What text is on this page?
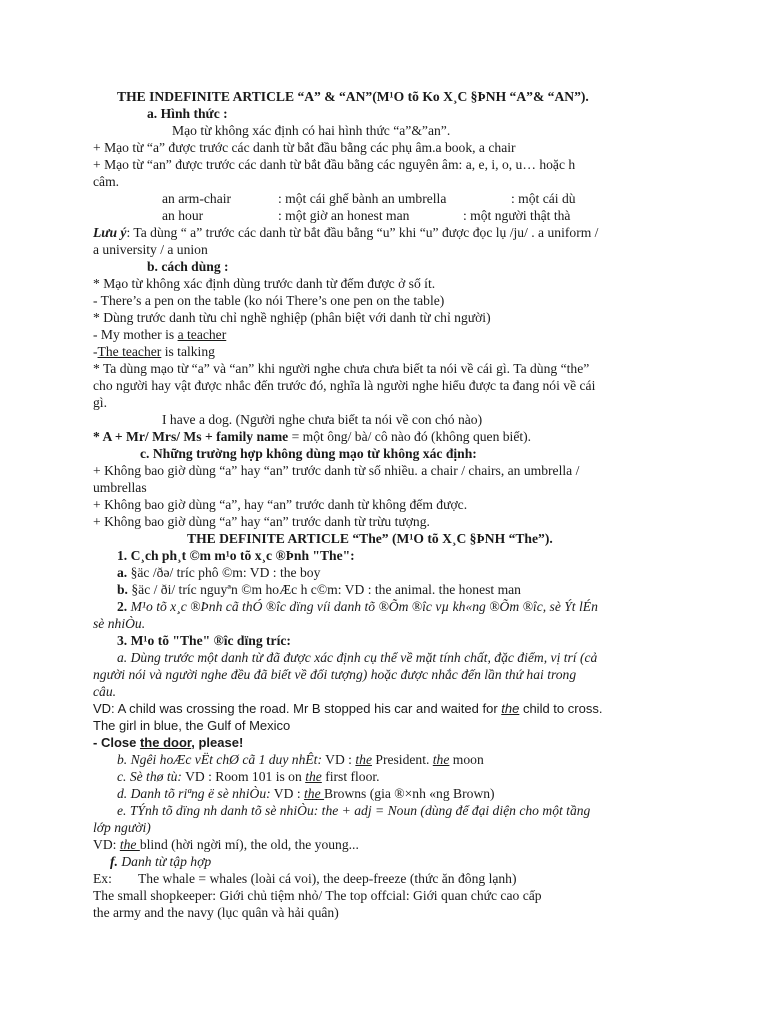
THE INDEFINITE ARTICLE “A” & “AN”(M¹O tõ Ko X¸C §ÞNH “A”& “AN”).
a. Hình thức :
Mạo từ không xác định có hai hình thức “a”&”an”.
+ Mạo từ “a” được trước các danh từ bắt đầu bằng các phụ âm.a book, a chair
+ Mạo từ “an” được trước các danh từ bắt đầu bằng các nguyên âm: a, e, i, o, u… hoặc h
câm.
an arm-chair	: một cái ghế bành an umbrella	: một cái dù
an hour	: một giờ an honest man	: một người thật thà
Lưu ý: Ta dùng “ a” trước các danh từ bắt đầu bằng “u” khi “u” được đọc lụ /ju/ . a uniform /
a university / a union
b. cách dùng :
* Mạo từ không xác định dùng trước danh từ đếm được ở số ít.
- There’s a pen on the table (ko nói There’s one pen on the table)
* Dùng trước danh từu chỉ nghề nghiệp (phân biệt với danh từ chỉ người)
- My mother is a teacher
-The teacher is talking
* Ta dùng mạo từ “a” và “an” khi người nghe chưa chưa biết ta nói về cái gì. Ta dùng “the”
cho người hay vật được nhắc đến trước đó, nghĩa là người nghe hiểu được ta đang nói về cái
gì.
I have a dog. (Người nghe chưa biết ta nói về con chó nào)
* A + Mr/ Mrs/ Ms + family name = một ông/ bà/ cô nào đó (không quen biết).
c. Những trường hợp không dùng mạo từ không xác định:
+ Không bao giờ dùng “a” hay “an” trước danh từ số nhiều. a chair / chairs, an umbrella /
umbrellas
+ Không bao giờ dùng “a”, hay “an” trước danh từ không đếm được.
+ Không bao giờ dùng “a” hay “an” trước danh từ trừu tượng.
THE DEFINITE ARTICLE “The” (M¹O tõ X¸C §ÞNH “The”).
1. C¸ch ph¸t ©m m¹o tõ x¸c ®Þnh "The":
a. §äc /ðə/ tríc phô ©m: VD : the boy
b. §äc / ði/ tríc nguyªn ©m hoÆc h c©m: VD : the animal. the honest man
2. M¹o tõ x¸c ®Þnh cã thÓ ®îc dïng víi danh tõ ®Õm ®îc vµ kh«ng ®Õm ®îc, sè Ýt lÉn
sè nhiÒu.
3. M¹o tõ "The" ®îc dïng tríc:
a. Dùng trước một danh từ đã được xác định cụ thể về mặt tính chất, đặc điểm, vị trí (cả
người nói và người nghe đều đã biết về đối tượng) hoặc được nhắc đến lần thứ hai trong
câu.
VD: A child was crossing the road. Mr B stopped his car and waited for the child to cross.
The girl in blue, the Gulf of Mexico
- Close the door, please!
b. Ngêi hoÆc vËt chØ cã 1 duy nhÊt: VD : the President. the moon
c. Sè thø tù: VD : Room 101 is on the first floor.
d. Danh tõ riªng ë sè nhiÒu: VD : the Browns (gia ®×nh «ng Brown)
e. TÝnh tõ dïng nh danh tõ sè nhiÒu: the + adj = Noun (dùng để đại diện cho một tầng
lớp người)
VD: the blind (hời ngời mí), the old, the young...
f. Danh từ tập hợp
Ex: The whale = whales (loài cá voi), the deep-freeze (thức ăn đông lạnh)
The small shopkeeper: Giới chủ tiệm nhỏ/ The top offcial: Giới quan chức cao cấp
the army and the navy (lục quân và hải quân)
